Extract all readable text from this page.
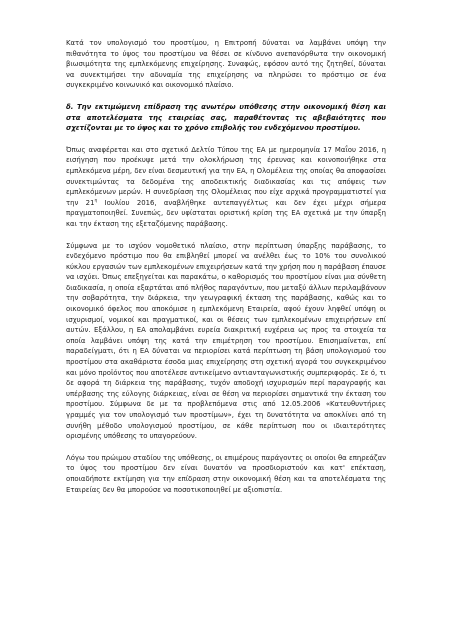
Κατά τον υπολογισμό του προστίμου, η Επιτροπή δύναται να λαμβάνει υπόψη την πιθανότητα το ύψος του προστίμου να θέσει σε κίνδυνο ανεπανόρθωτα την οικονομική βιωσιμότητα της εμπλεκόμενης επιχείρησης. Συναφώς, εφόσον αυτό της ζητηθεί, δύναται να συνεκτιμήσει την αδυναμία της επιχείρησης να πληρώσει το πρόστιμο σε ένα συγκεκριμένο κοινωνικό και οικονομικό πλαίσιο.

δ. Την εκτιμώμενη επίδραση της ανωτέρω υπόθεσης στην οικονομική θέση και στα αποτελέσματα της εταιρείας σας, παραθέτοντας τις αβεβαιότητες που σχετίζονται με το ύψος και το χρόνο επιβολής του ενδεχόμενου προστίμου.

Όπως αναφέρεται και στο σχετικό Δελτίο Τύπου της ΕΑ με ημερομηνία 17 Μαΐου 2016, η εισήγηση που προέκυψε μετά την ολοκλήρωση της έρευνας και κοινοποιήθηκε στα εμπλεκόμενα μέρη, δεν είναι δεσμευτική για την ΕΑ, η Ολομέλεια της οποίας θα αποφασίσει συνεκτιμώντας τα δεδομένα της αποδεικτικής διαδικασίας και τις απόψεις των εμπλεκόμενων μερών. Η συνεδρίαση της Ολομέλειας που είχε αρχικά προγραμματιστεί για την $21^\eta$ Ιουλίου 2016, αναβλήθηκε αυτεπαγγέλτως και δεν έχει μέχρι σήμερα πραγματοποιηθεί. Συνεπώς, δεν υφίσταται οριστική κρίση της ΕΑ σχετικά με την ύπαρξη και την έκταση της εξεταζόμενης παράβασης.

Σύμφωνα με το ισχύον νομοθετικό πλαίσιο, στην περίπτωση ύπαρξης παράβασης, το ενδεχόμενο πρόστιμο που θα επιβληθεί μπορεί να ανέλθει έως το 10% του συνολικού κύκλου εργασιών των εμπλεκομένων επιχειρήσεων κατά την χρήση που η παράβαση έπαυσε να ισχύει. Όπως επεξηγείται και παρακάτω, ο καθορισμός του προστίμου είναι μια σύνθετη διαδικασία, η οποία εξαρτάται από πλήθος παραγόντων, που μεταξύ άλλων περιλαμβάνουν την σοβαρότητα, την διάρκεια, την γεωγραφική έκταση της παράβασης, καθώς και το οικονομικό όφελος που αποκόμισε η εμπλεκόμενη Εταιρεία, αφού έχουν ληφθεί υπόψη οι ισχυρισμοί, νομικοί και πραγματικοί, και οι θέσεις των εμπλεκομένων επιχειρήσεων επί αυτών. Εξάλλου, η ΕΑ απολαμβάνει ευρεία διακριτική ευχέρεια ως προς τα στοιχεία τα οποία λαμβάνει υπόψη της κατά την επιμέτρηση του προστίμου. Επισημαίνεται, επί παραδείγματι, ότι η ΕΑ δύναται να περιορίσει κατά περίπτωση τη βάση υπολογισμού του προστίμου στα ακαθάριστα έσοδα μιας επιχείρησης στη σχετική αγορά του συγκεκριμένου και μόνο προϊόντος που αποτέλεσε αντικείμενο αντιανταγωνιστικής συμπεριφοράς. Σε ό, τι δε αφορά τη διάρκεια της παράβασης, τυχόν αποδοχή ισχυρισμών περί παραγραφής και υπέρβασης της εύλογης διάρκειας, είναι σε θέση να περιορίσει σημαντικά την έκταση του προστίμου. Σύμφωνα δε με τα προβλεπόμενα στις από 12.05.2006 «Κατευθυντήριες γραμμές για τον υπολογισμό των προστίμων», έχει τη δυνατότητα να αποκλίνει από τη συνήθη μέθοδο υπολογισμού προστίμου, σε κάθε περίπτωση που οι ιδιαιτερότητες ορισμένης υπόθεσης το υπαγορεύουν.

Λόγω του πρώιμου σταδίου της υπόθεσης, οι επιμέρους παράγοντες οι οποίοι θα επηρεάζαν το ύψος του προστίμου δεν είναι δυνατόν να προσδιοριστούν και κατ' επέκταση, οποιαδήποτε εκτίμηση για την επίδραση στην οικονομική θέση και τα αποτελέσματα της Εταιρείας δεν θα μπορούσε να ποσοτικοποιηθεί με αξιοπιστία.
